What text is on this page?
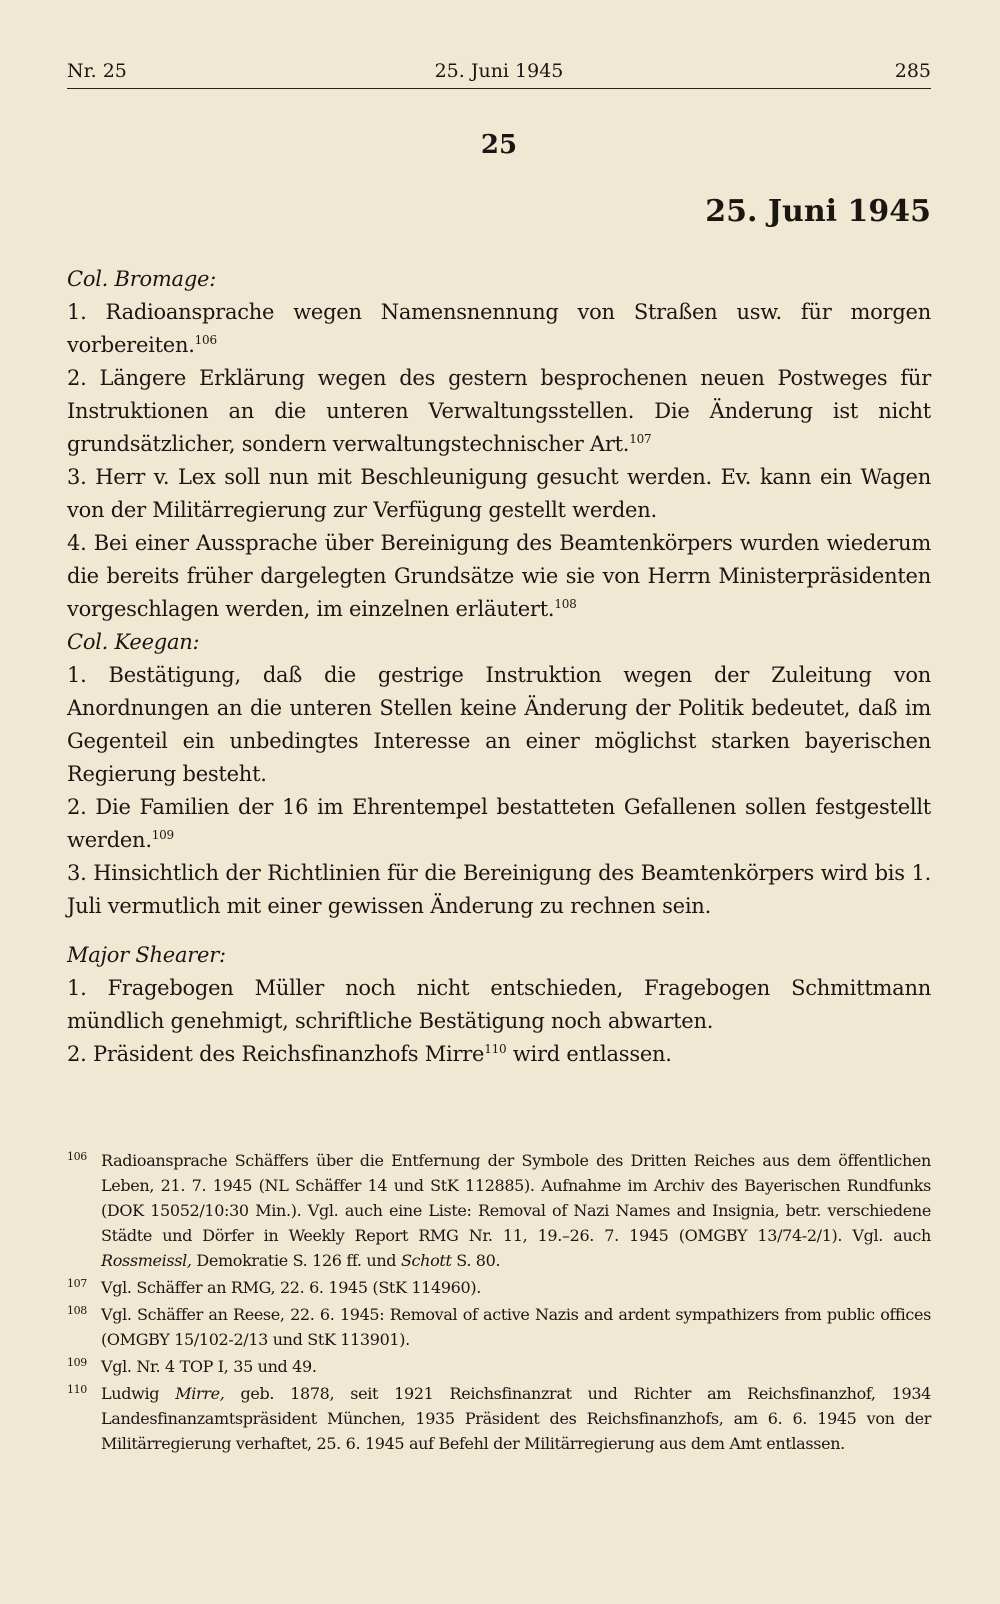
Nr. 25	25. Juni 1945	285
25
25. Juni 1945
Col. Bromage:

1. Radioansprache wegen Namensnennung von Straßen usw. für morgen vorbereiten.$^{106}$

2. Längere Erklärung wegen des gestern besprochenen neuen Postweges für Instruktionen an die unteren Verwaltungsstellen. Die Änderung ist nicht grundsätzlicher, sondern verwaltungstechnischer Art.$^{107}$

3. Herr v. Lex soll nun mit Beschleunigung gesucht werden. Ev. kann ein Wagen von der Militärregierung zur Verfügung gestellt werden.

4. Bei einer Aussprache über Bereinigung des Beamtenkörpers wurden wiederum die bereits früher dargelegten Grundsätze wie sie von Herrn Ministerpräsidenten vorgeschlagen werden, im einzelnen erläutert.$^{108}$

Col. Keegan:

1. Bestätigung, daß die gestrige Instruktion wegen der Zuleitung von Anordnungen an die unteren Stellen keine Änderung der Politik bedeutet, daß im Gegenteil ein unbedingtes Interesse an einer möglichst starken bayerischen Regierung besteht.

2. Die Familien der 16 im Ehrentempel bestatteten Gefallenen sollen festgestellt werden.$^{109}$

3. Hinsichtlich der Richtlinien für die Bereinigung des Beamtenkörpers wird bis 1. Juli vermutlich mit einer gewissen Änderung zu rechnen sein.

Major Shearer:

1. Fragebogen Müller noch nicht entschieden, Fragebogen Schmittmann mündlich genehmigt, schriftliche Bestätigung noch abwarten.

2. Präsident des Reichsfinanzhofs Mirre$^{110}$ wird entlassen.

106 Radioansprache Schäffers über die Entfernung der Symbole des Dritten Reiches aus dem öffentlichen Leben, 21. 7. 1945 (NL Schäffer 14 und StK 112885). Aufnahme im Archiv des Bayerischen Rundfunks (DOK 15052/10:30 Min.). Vgl. auch eine Liste: Removal of Nazi Names and Insignia, betr. verschiedene Städte und Dörfer in Weekly Report RMG Nr. 11, 19.–26. 7. 1945 (OMGBY 13/74-2/1). Vgl. auch Rossmeissl, Demokratie S. 126 ff. und Schott S. 80.
107 Vgl. Schäffer an RMG, 22. 6. 1945 (StK 114960).
108 Vgl. Schäffer an Reese, 22. 6. 1945: Removal of active Nazis and ardent sympathizers from public offices (OMGBY 15/102-2/13 und StK 113901).
109 Vgl. Nr. 4 TOP I, 35 und 49.
110 Ludwig Mirre, geb. 1878, seit 1921 Reichsfinanzrat und Richter am Reichsfinanzhof, 1934 Landesfinanzamtspräsident München, 1935 Präsident des Reichsfinanzhofs, am 6. 6. 1945 von der Militärregierung verhaftet, 25. 6. 1945 auf Befehl der Militärregierung aus dem Amt entlassen.
